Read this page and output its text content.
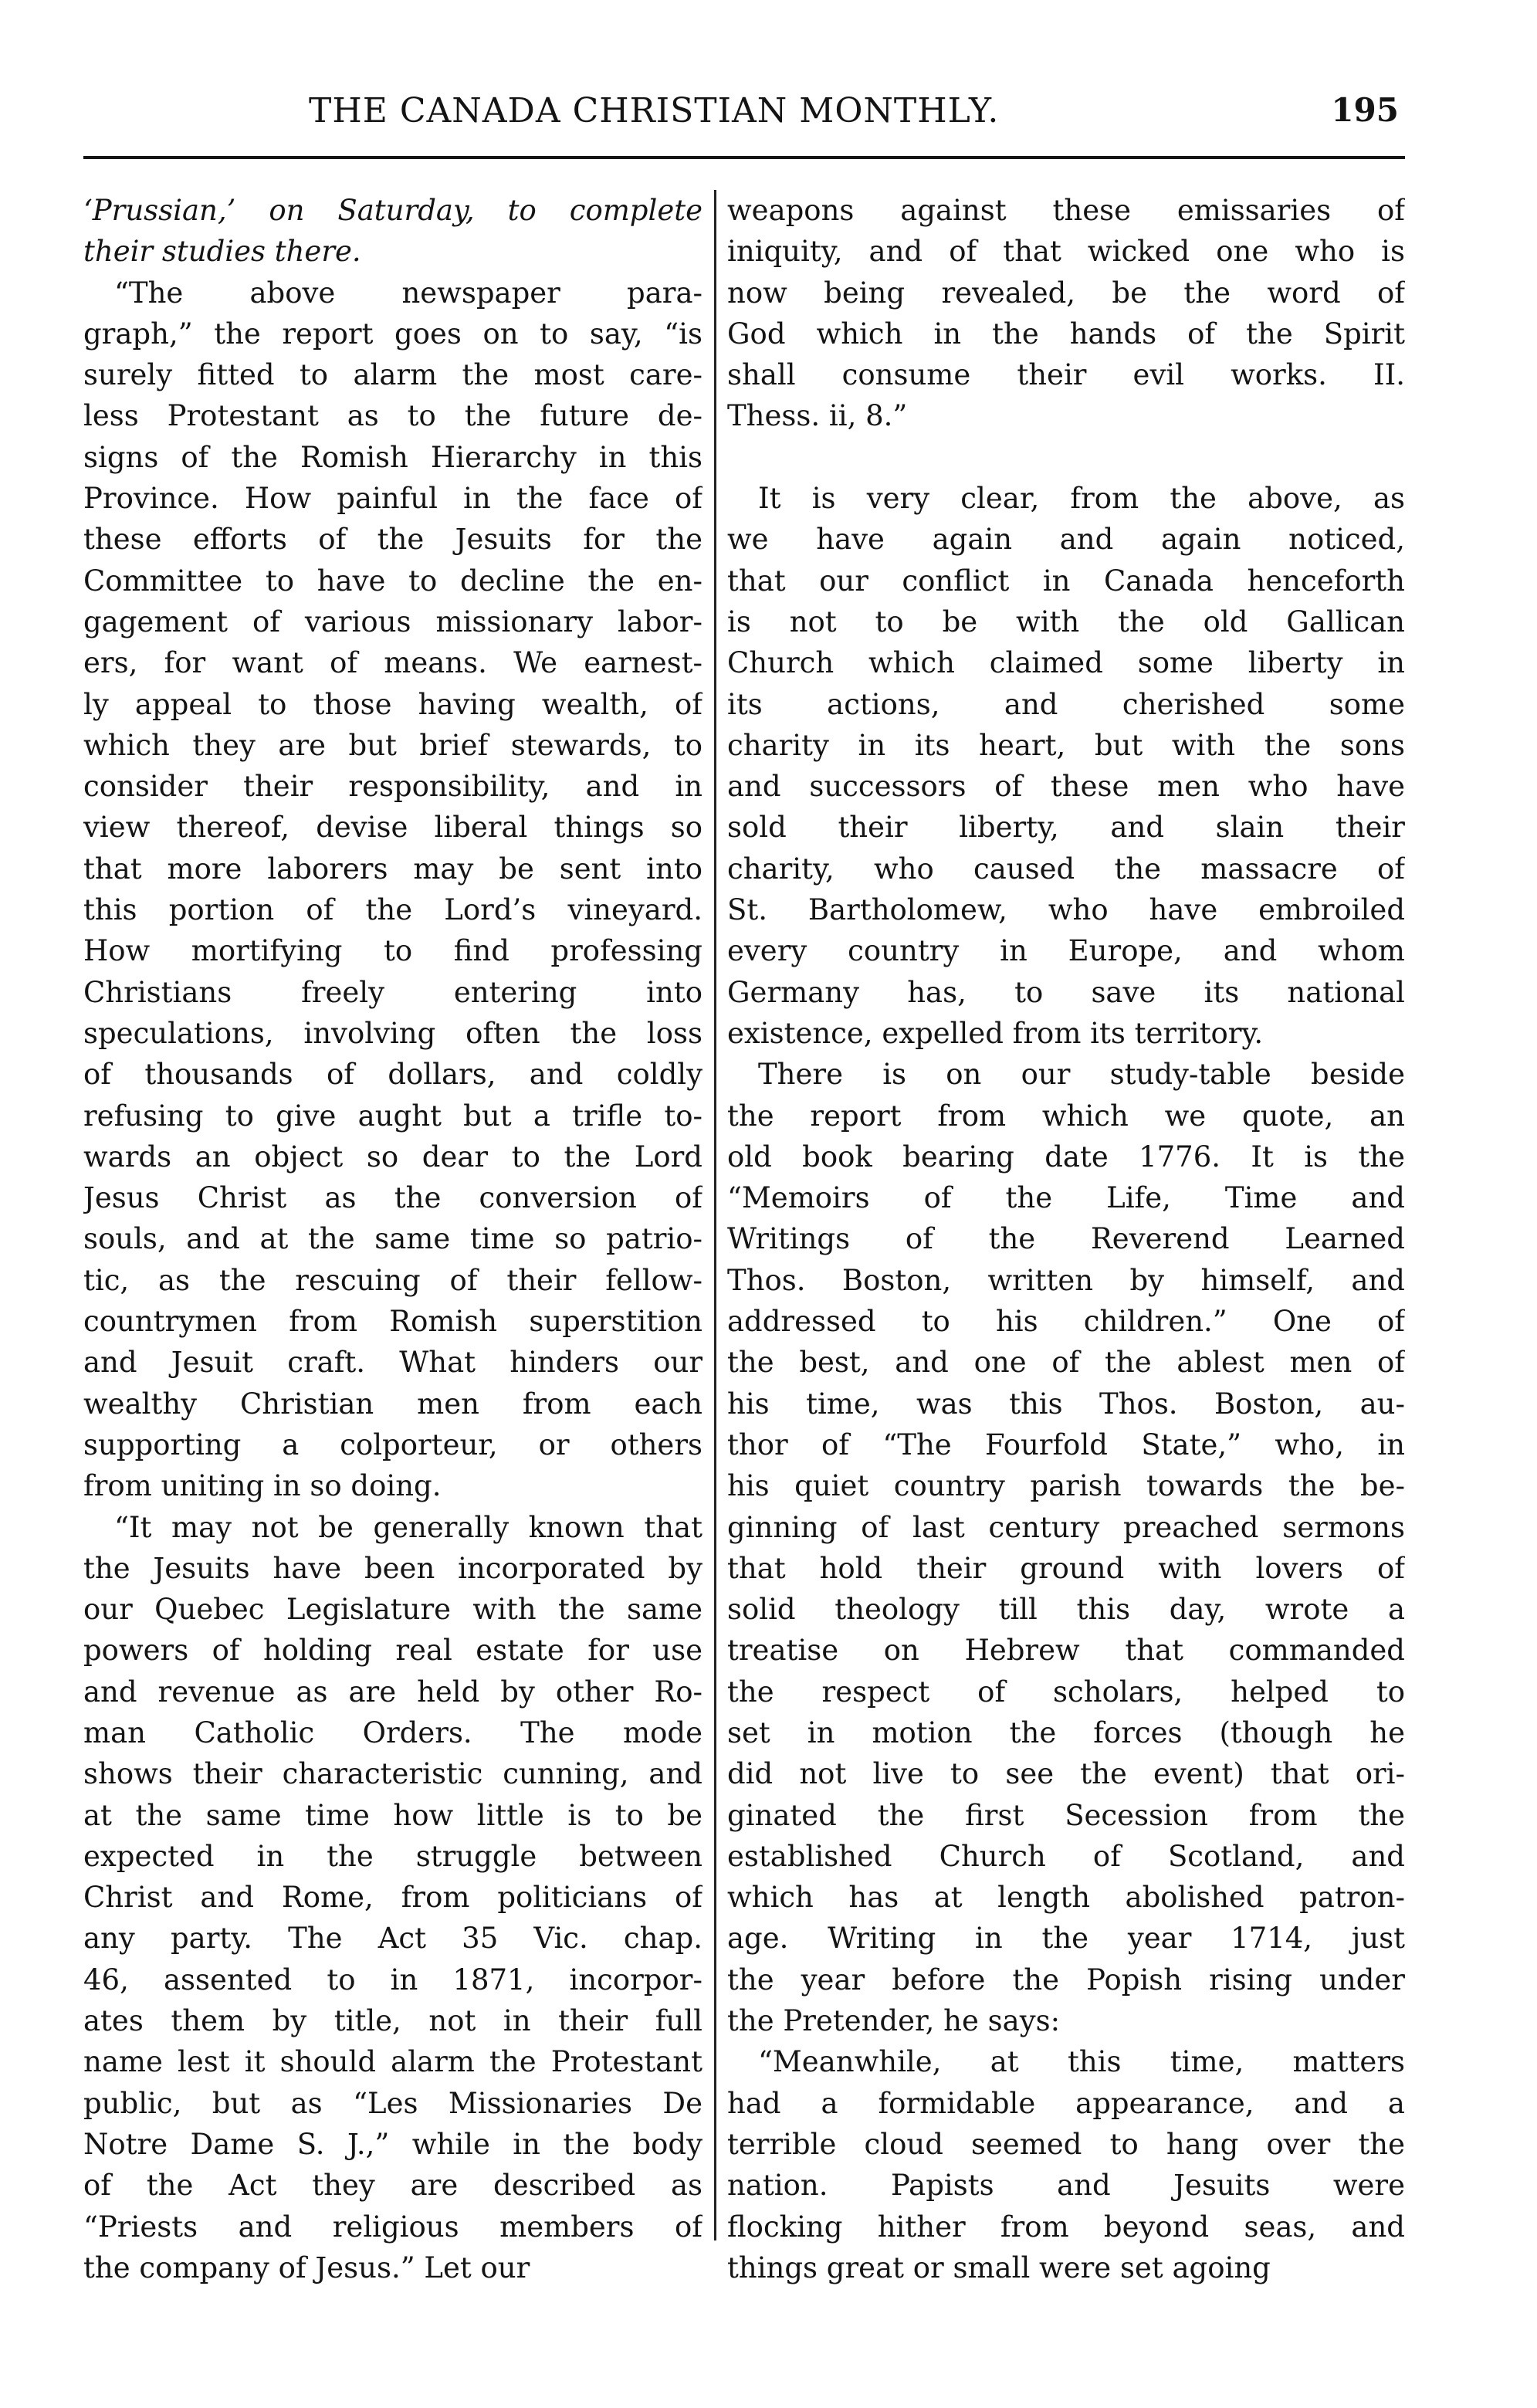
THE CANADA CHRISTIAN MONTHLY.	195
‘Prussian,’ on Saturday, to complete
their studies there.
“The above newspaper para-
graph,” the report goes on to say, “is
surely fitted to alarm the most care-
less Protestant as to the future de-
signs of the Romish Hierarchy in this
Province. How painful in the face of
these efforts of the Jesuits for the
Committee to have to decline the en-
gagement of various missionary labor-
ers, for want of means. We earnest-
ly appeal to those having wealth, of
which they are but brief stewards, to
consider their responsibility, and in
view thereof, devise liberal things so
that more laborers may be sent into
this portion of the Lord’s vineyard.
How mortifying to find professing
Christians freely entering into
speculations, involving often the loss
of thousands of dollars, and coldly
refusing to give aught but a trifle to-
wards an object so dear to the Lord
Jesus Christ as the conversion of
souls, and at the same time so patrio-
tic, as the rescuing of their fellow-
countrymen from Romish superstition
and Jesuit craft. What hinders our
wealthy Christian men from each
supporting a colporteur, or others
from uniting in so doing.
“It may not be generally known that
the Jesuits have been incorporated by
our Quebec Legislature with the same
powers of holding real estate for use
and revenue as are held by other Ro-
man Catholic Orders. The mode
shows their characteristic cunning, and
at the same time how little is to be
expected in the struggle between
Christ and Rome, from politicians of
any party. The Act 35 Vic. chap.
46, assented to in 1871, incorpor-
ates them by title, not in their full
name lest it should alarm the Protestant
public, but as “Les Missionaries De
Notre Dame S. J.,” while in the body
of the Act they are described as
“Priests and religious members of
the company of Jesus.” Let our
weapons against these emissaries of
iniquity, and of that wicked one who is
now being revealed, be the word of
God which in the hands of the Spirit
shall consume their evil works. II.
Thess. ii, 8.”
It is very clear, from the above, as
we have again and again noticed,
that our conflict in Canada henceforth
is not to be with the old Gallican
Church which claimed some liberty in
its actions, and cherished some
charity in its heart, but with the sons
and successors of these men who have
sold their liberty, and slain their
charity, who caused the massacre of
St. Bartholomew, who have embroiled
every country in Europe, and whom
Germany has, to save its national
existence, expelled from its territory.
There is on our study-table beside
the report from which we quote, an
old book bearing date 1776. It is the
“Memoirs of the Life, Time and
Writings of the Reverend Learned
Thos. Boston, written by himself, and
addressed to his children.” One of
the best, and one of the ablest men of
his time, was this Thos. Boston, au-
thor of “The Fourfold State,” who, in
his quiet country parish towards the be-
ginning of last century preached sermons
that hold their ground with lovers of
solid theology till this day, wrote a
treatise on Hebrew that commanded
the respect of scholars, helped to
set in motion the forces (though he
did not live to see the event) that ori-
ginated the first Secession from the
established Church of Scotland, and
which has at length abolished patron-
age. Writing in the year 1714, just
the year before the Popish rising under
the Pretender, he says:
“Meanwhile, at this time, matters
had a formidable appearance, and a
terrible cloud seemed to hang over the
nation. Papists and Jesuits were
flocking hither from beyond seas, and
things great or small were set agoing
